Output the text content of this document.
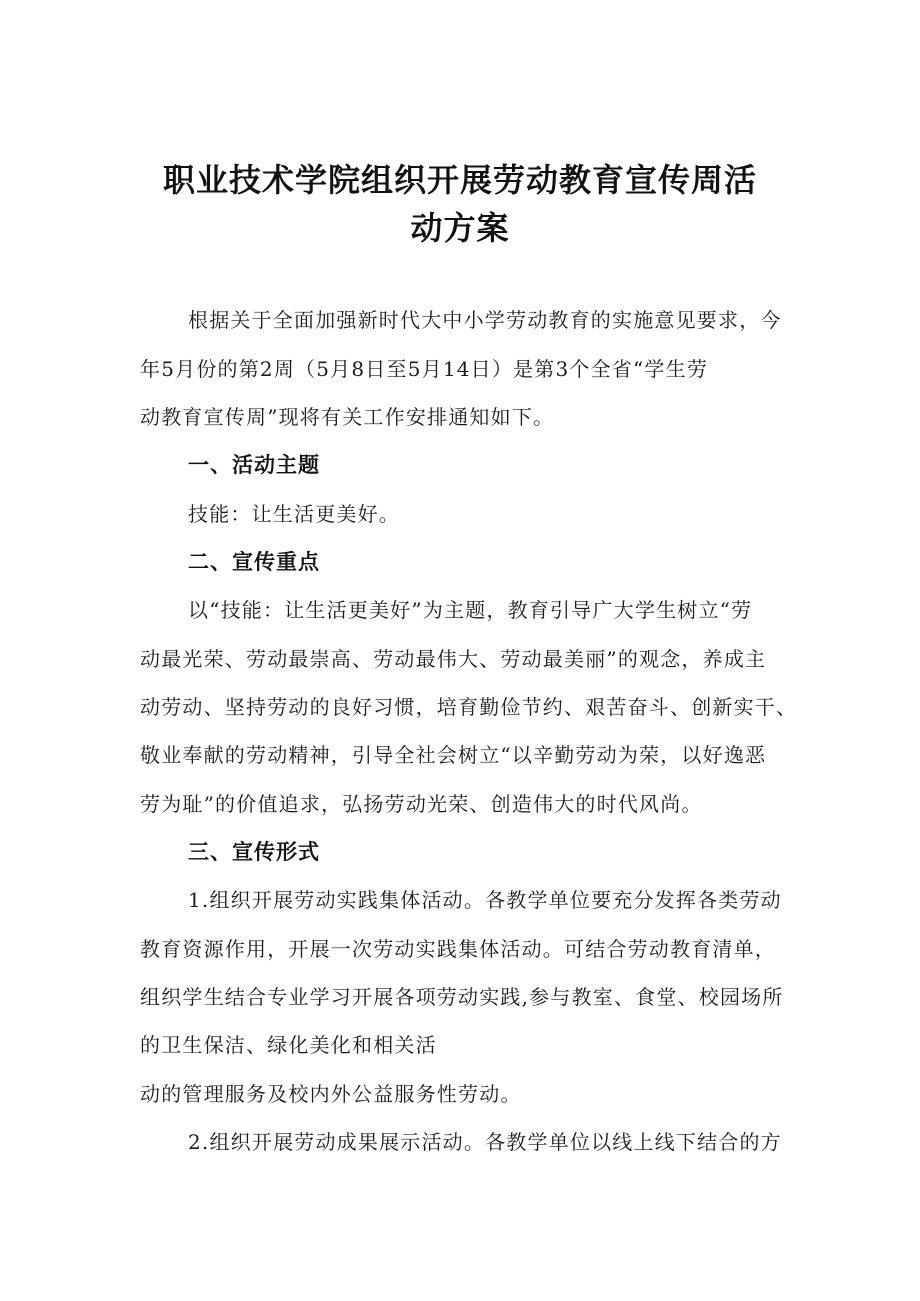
职业技术学院组织开展劳动教育宣传周活
动方案
根据关于全面加强新时代大中小学劳动教育的实施意见要求，今
年5月份的第2周（5月8日至5月14日）是第3个全省“学生劳
动教育宣传周”现将有关工作安排通知如下。
一、活动主题
技能：让生活更美好。
二、宣传重点
以“技能：让生活更美好”为主题，教育引导广大学生树立“劳
动最光荣、劳动最崇高、劳动最伟大、劳动最美丽”的观念，养成主
动劳动、坚持劳动的良好习惯，培育勤俭节约、艰苦奋斗、创新实干、
敬业奉献的劳动精神，引导全社会树立“以辛勤劳动为荣，以好逸恶
劳为耻”的价值追求，弘扬劳动光荣、创造伟大的时代风尚。
三、宣传形式
1.组织开展劳动实践集体活动。各教学单位要充分发挥各类劳动
教育资源作用，开展一次劳动实践集体活动。可结合劳动教育清单，
组织学生结合专业学习开展各项劳动实践,参与教室、食堂、校园场所
的卫生保洁、绿化美化和相关活
动的管理服务及校内外公益服务性劳动。
2.组织开展劳动成果展示活动。各教学单位以线上线下结合的方
